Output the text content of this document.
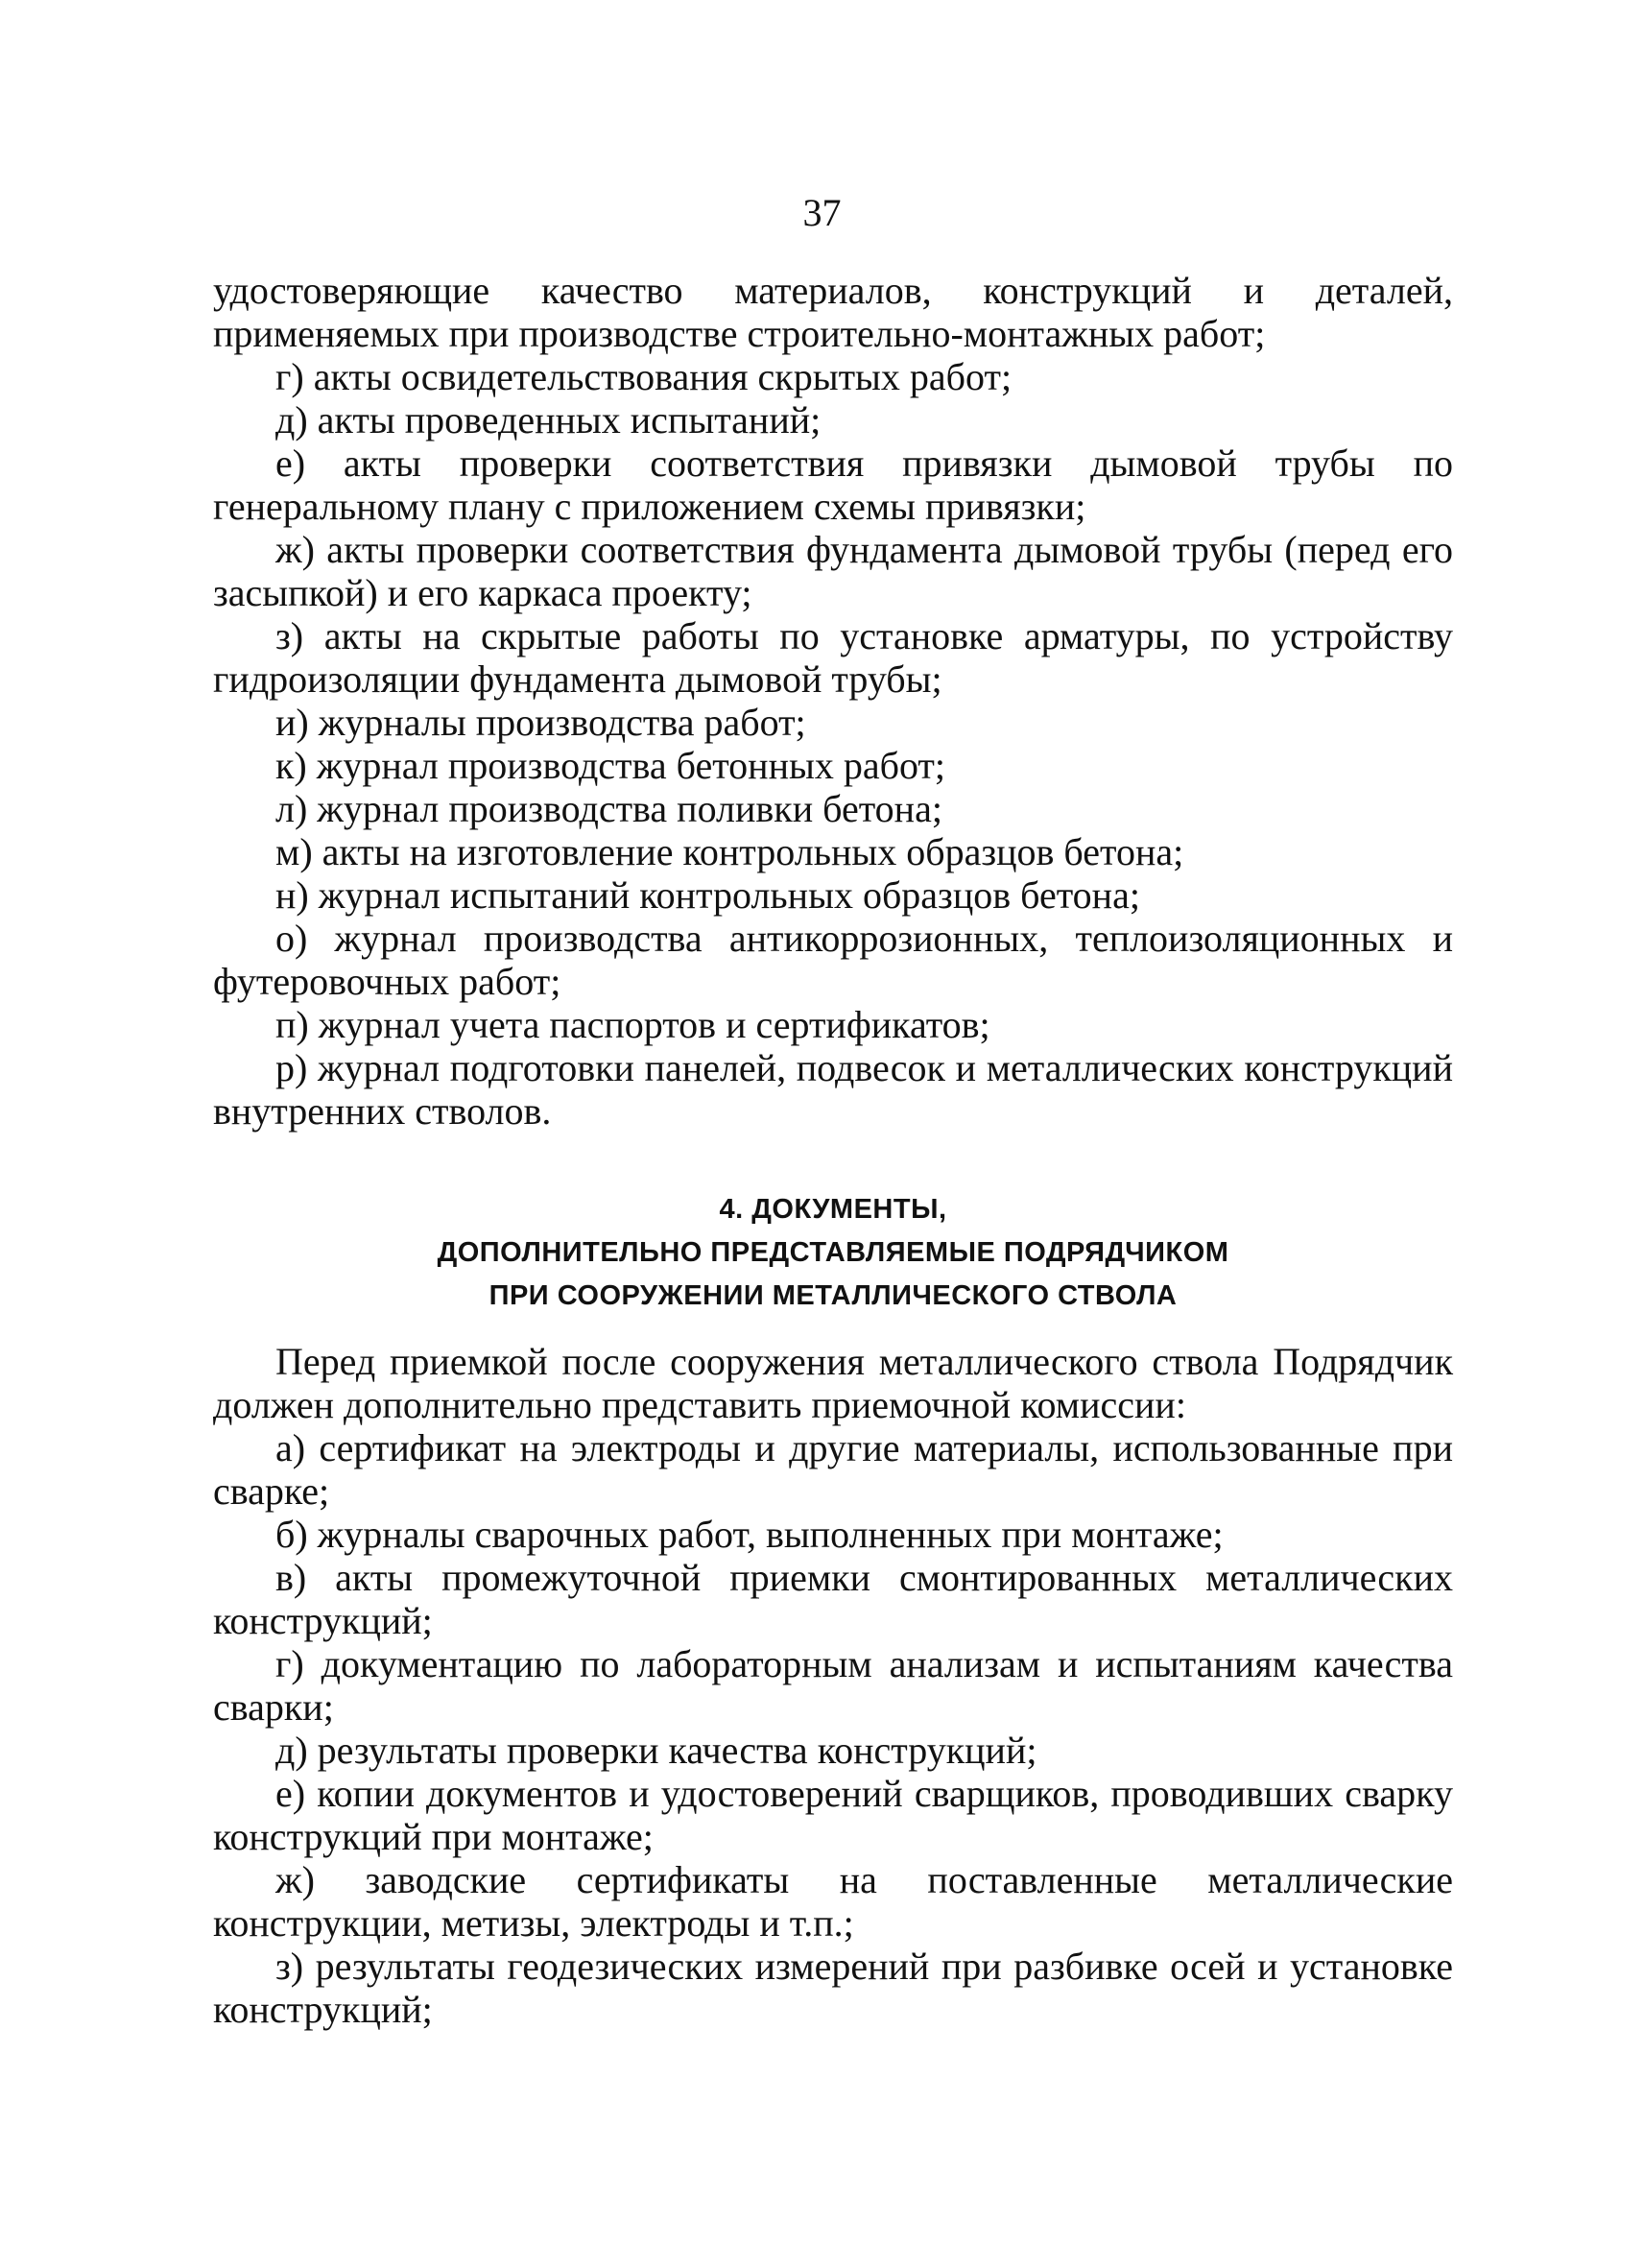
37

удостоверяющие качество материалов, конструкций и деталей, применяемых при производстве строительно-монтажных работ;

г) акты освидетельствования скрытых работ;

д) акты проведенных испытаний;

е) акты проверки соответствия привязки дымовой трубы по генеральному плану с приложением схемы привязки;

ж) акты проверки соответствия фундамента дымовой трубы (перед его засыпкой) и его каркаса проекту;

з) акты на скрытые работы по установке арматуры, по устройству гидроизоляции фундамента дымовой трубы;

и) журналы производства работ;

к) журнал производства бетонных работ;

л) журнал производства поливки бетона;

м) акты на изготовление контрольных образцов бетона;

н) журнал испытаний контрольных образцов бетона;

о) журнал производства антикоррозионных, теплоизоляционных и футеровочных работ;

п) журнал учета паспортов и сертификатов;

р) журнал подготовки панелей, подвесок и металлических конструкций внутренних стволов.

4. ДОКУМЕНТЫ,
ДОПОЛНИТЕЛЬНО ПРЕДСТАВЛЯЕМЫЕ ПОДРЯДЧИКОМ
ПРИ СООРУЖЕНИИ МЕТАЛЛИЧЕСКОГО СТВОЛА

Перед приемкой после сооружения металлического ствола Подрядчик должен дополнительно представить приемочной комиссии:

а) сертификат на электроды и другие материалы, использованные при сварке;

б) журналы сварочных работ, выполненных при монтаже;

в) акты промежуточной приемки смонтированных металлических конструкций;

г) документацию по лабораторным анализам и испытаниям качества сварки;

д) результаты проверки качества конструкций;

е) копии документов и удостоверений сварщиков, проводивших сварку конструкций при монтаже;

ж) заводские сертификаты на поставленные металлические конструкции, метизы, электроды и т.п.;

з) результаты геодезических измерений при разбивке осей и установке конструкций;
